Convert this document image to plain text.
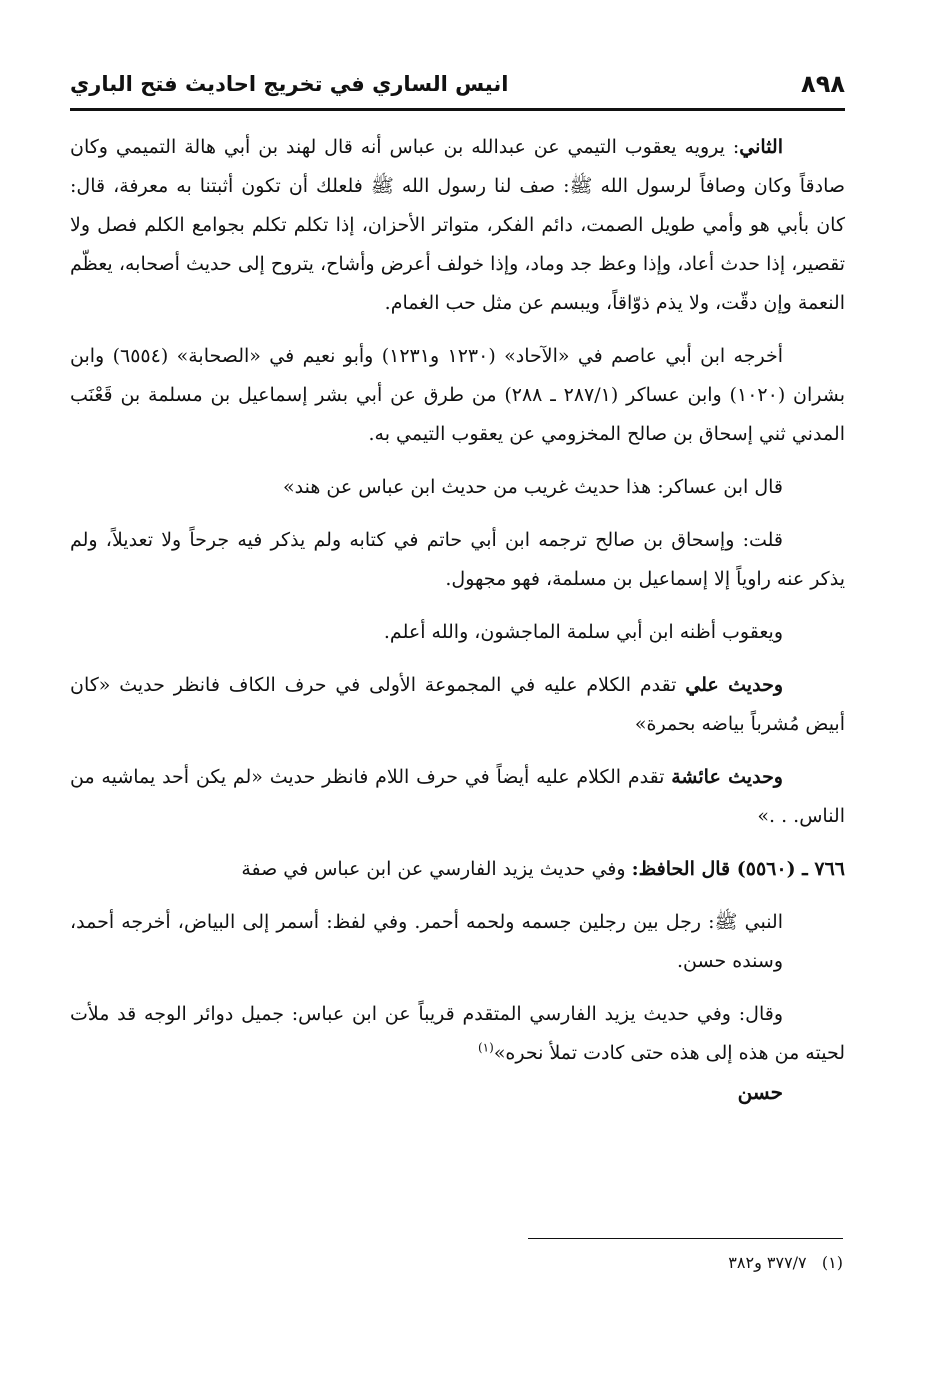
٨٩٨
انيس الساري في تخريج احاديث فتح الباري

الثاني: يرويه يعقوب التيمي عن عبدالله بن عباس أنه قال لهند بن أبي هالة التميمي وكان صادقاً وكان وصافاً لرسول الله ﷺ: صف لنا رسول الله ﷺ فلعلك أن تكون أثبتنا به معرفة، قال: كان بأبي هو وأمي طويل الصمت، دائم الفكر، متواتر الأحزان، إذا تكلم تكلم بجوامع الكلم فصل ولا تقصير، إذا حدث أعاد، وإذا وعظ جد وماد، وإذا خولف أعرض وأشاح، يتروح إلى حديث أصحابه، يعظّم النعمة وإن دقّت، ولا يذم ذوّاقاً، ويبسم عن مثل حب الغمام.

أخرجه ابن أبي عاصم في «الآحاد» (١٢٣٠ و١٢٣١) وأبو نعيم في «الصحابة» (٦٥٥٤) وابن بشران (١٠٢٠) وابن عساكر (٢٨٧/١ ـ ٢٨٨) من طرق عن أبي بشر إسماعيل بن مسلمة بن قَعْنَب المدني ثني إسحاق بن صالح المخزومي عن يعقوب التيمي به.

قال ابن عساكر: هذا حديث غريب من حديث ابن عباس عن هند»

قلت: وإسحاق بن صالح ترجمه ابن أبي حاتم في كتابه ولم يذكر فيه جرحاً ولا تعديلاً، ولم يذكر عنه راوياً إلا إسماعيل بن مسلمة، فهو مجهول.

ويعقوب أظنه ابن أبي سلمة الماجشون، والله أعلم.

وحديث علي تقدم الكلام عليه في المجموعة الأولى في حرف الكاف فانظر حديث «كان أبيض مُشرباً بياضه بحمرة»

وحديث عائشة تقدم الكلام عليه أيضاً في حرف اللام فانظر حديث «لم يكن أحد يماشيه من الناس. . .»

٧٦٦ ـ (٥٥٦٠) قال الحافظ: وفي حديث يزيد الفارسي عن ابن عباس في صفة

النبي ﷺ: رجل بين رجلين جسمه ولحمه أحمر. وفي لفظ: أسمر إلى البياض، أخرجه أحمد، وسنده حسن.

وقال: وفي حديث يزيد الفارسي المتقدم قريباً عن ابن عباس: جميل دوائر الوجه قد ملأت لحيته من هذه إلى هذه حتى كادت تملأ نحره»$^{(١)}$

حسن

(١)   ٣٧٧/٧ و٣٨٢
